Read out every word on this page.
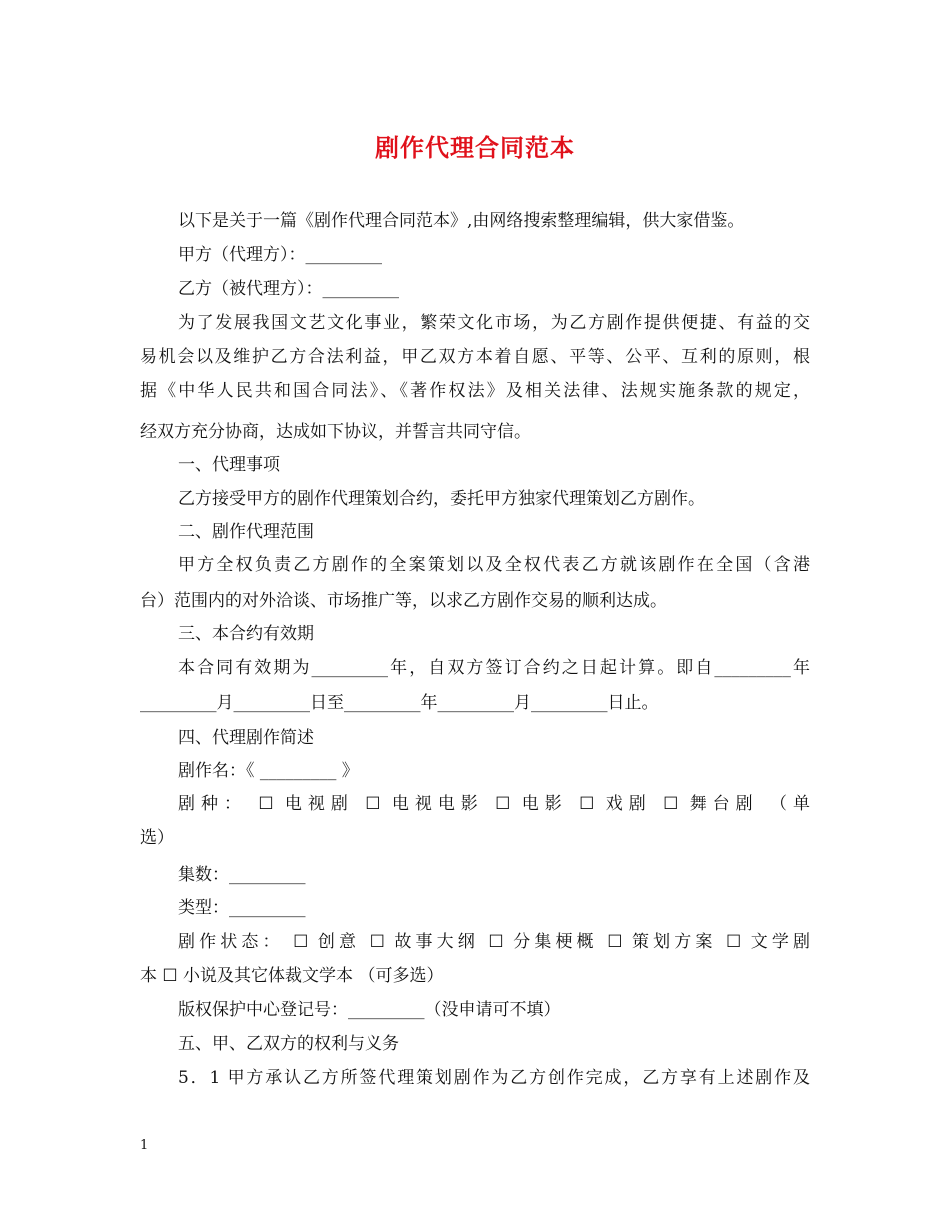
剧作代理合同范本
以下是关于一篇《剧作代理合同范本》,由网络搜索整理编辑，供大家借鉴。
甲方（代理方）：_________
乙方（被代理方）：_________
为了发展我国文艺文化事业，繁荣文化市场，为乙方剧作提供便捷、有益的交
易机会以及维护乙方合法利益，甲乙双方本着自愿、平等、公平、互利的原则，根
据《中华人民共和国合同法》、《著作权法》及相关法律、法规实施条款的规定，
经双方充分协商，达成如下协议，并誓言共同守信。
一、代理事项
乙方接受甲方的剧作代理策划合约，委托甲方独家代理策划乙方剧作。
二、剧作代理范围
甲方全权负责乙方剧作的全案策划以及全权代表乙方就该剧作在全国（含港
台）范围内的对外洽谈、市场推广等，以求乙方剧作交易的顺利达成。
三、本合约有效期
本合同有效期为_________年，自双方签订合约之日起计算。即自_________年
_________月_________日至_________年_________月_________日止。
四、代理剧作简述
剧作名：《 _________ 》
剧种： ☐ 电视剧 ☐ 电视电影 ☐ 电影 ☐ 戏剧 ☐ 舞台剧 （单
选）
集数：_________
类型：_________
剧作状态： ☐ 创意 ☐ 故事大纲 ☐ 分集梗概 ☐ 策划方案 ☐ 文学剧
本 ☐ 小说及其它体裁文学本 （可多选）
版权保护中心登记号：_________（没申请可不填）
五、甲、乙双方的权利与义务
5．1 甲方承认乙方所签代理策划剧作为乙方创作完成，乙方享有上述剧作及
1
